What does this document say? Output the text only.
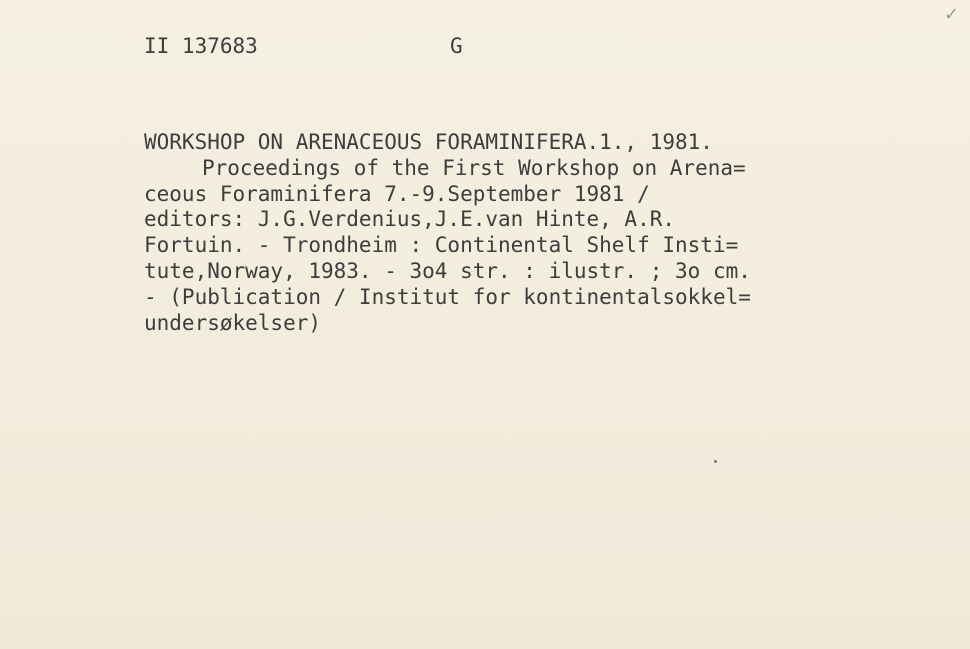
✓
II 137683	G
WORKSHOP ON ARENACEOUS FORAMINIFERA.1., 1981.
Proceedings of the First Workshop on Arena=
ceous Foraminifera 7.-9.September 1981 /
editors: J.G.Verdenius,J.E.van Hinte, A.R.
Fortuin. - Trondheim : Continental Shelf Insti=
tute,Norway, 1983. - 3o4 str. : ilustr. ; 3o cm.
- (Publication / Institut for kontinentalsokkel=
undersøkelser)
